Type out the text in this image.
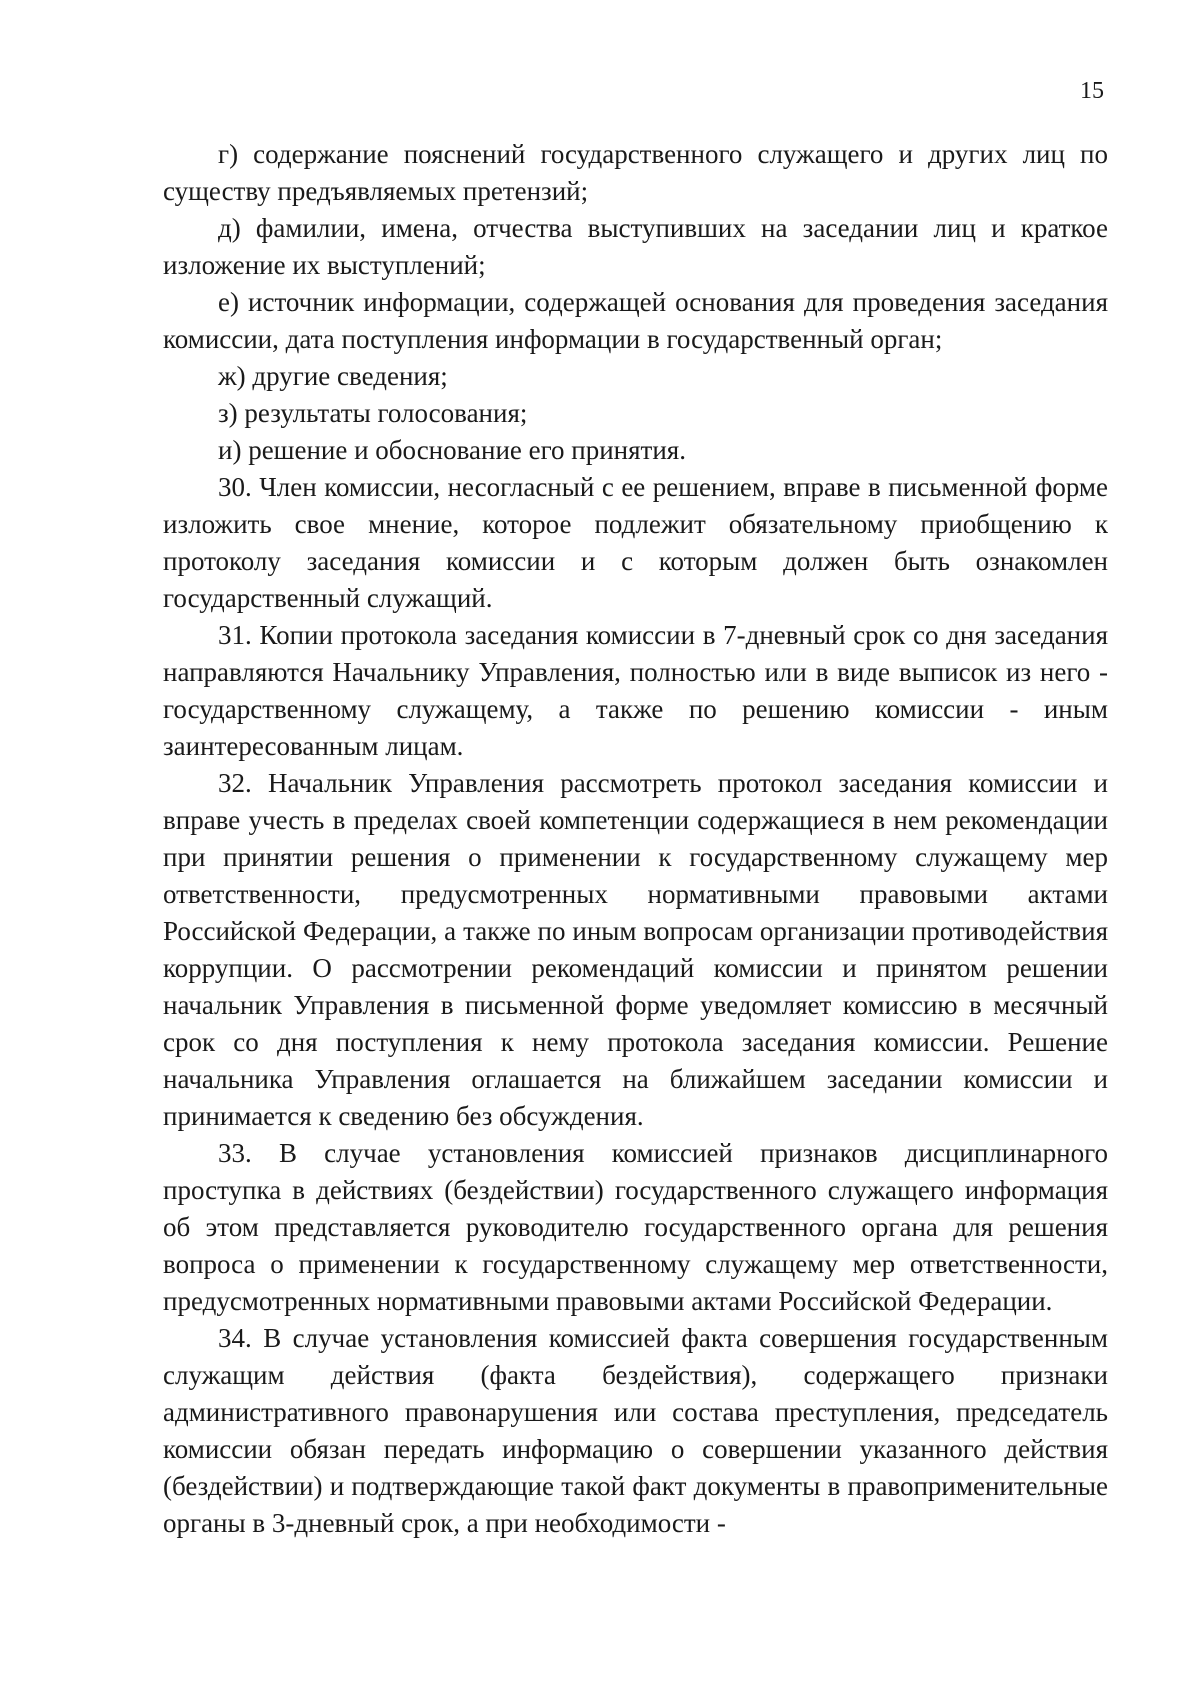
15

г) содержание пояснений государственного служащего и других лиц по существу предъявляемых претензий;

д) фамилии, имена, отчества выступивших на заседании лиц и краткое изложение их выступлений;

е) источник информации, содержащей основания для проведения заседания комиссии, дата поступления информации в государственный орган;

ж) другие сведения;

з) результаты голосования;

и) решение и обоснование его принятия.

30. Член комиссии, несогласный с ее решением, вправе в письменной форме изложить свое мнение, которое подлежит обязательному приобщению к протоколу заседания комиссии и с которым должен быть ознакомлен государственный служащий.

31. Копии протокола заседания комиссии в 7-дневный срок со дня заседания направляются Начальнику Управления, полностью или в виде выписок из него - государственному служащему, а также по решению комиссии - иным заинтересованным лицам.

32. Начальник Управления рассмотреть протокол заседания комиссии и вправе учесть в пределах своей компетенции содержащиеся в нем рекомендации при принятии решения о применении к государственному служащему мер ответственности, предусмотренных нормативными правовыми актами Российской Федерации, а также по иным вопросам организации противодействия коррупции. О рассмотрении рекомендаций комиссии и принятом решении начальник Управления в письменной форме уведомляет комиссию в месячный срок со дня поступления к нему протокола заседания комиссии. Решение начальника Управления оглашается на ближайшем заседании комиссии и принимается к сведению без обсуждения.

33. В случае установления комиссией признаков дисциплинарного проступка в действиях (бездействии) государственного служащего информация об этом представляется руководителю государственного органа для решения вопроса о применении к государственному служащему мер ответственности, предусмотренных нормативными правовыми актами Российской Федерации.

34. В случае установления комиссией факта совершения государственным служащим действия (факта бездействия), содержащего признаки административного правонарушения или состава преступления, председатель комиссии обязан передать информацию о совершении указанного действия (бездействии) и подтверждающие такой факт документы в правоприменительные органы в 3-дневный срок, а при необходимости -
